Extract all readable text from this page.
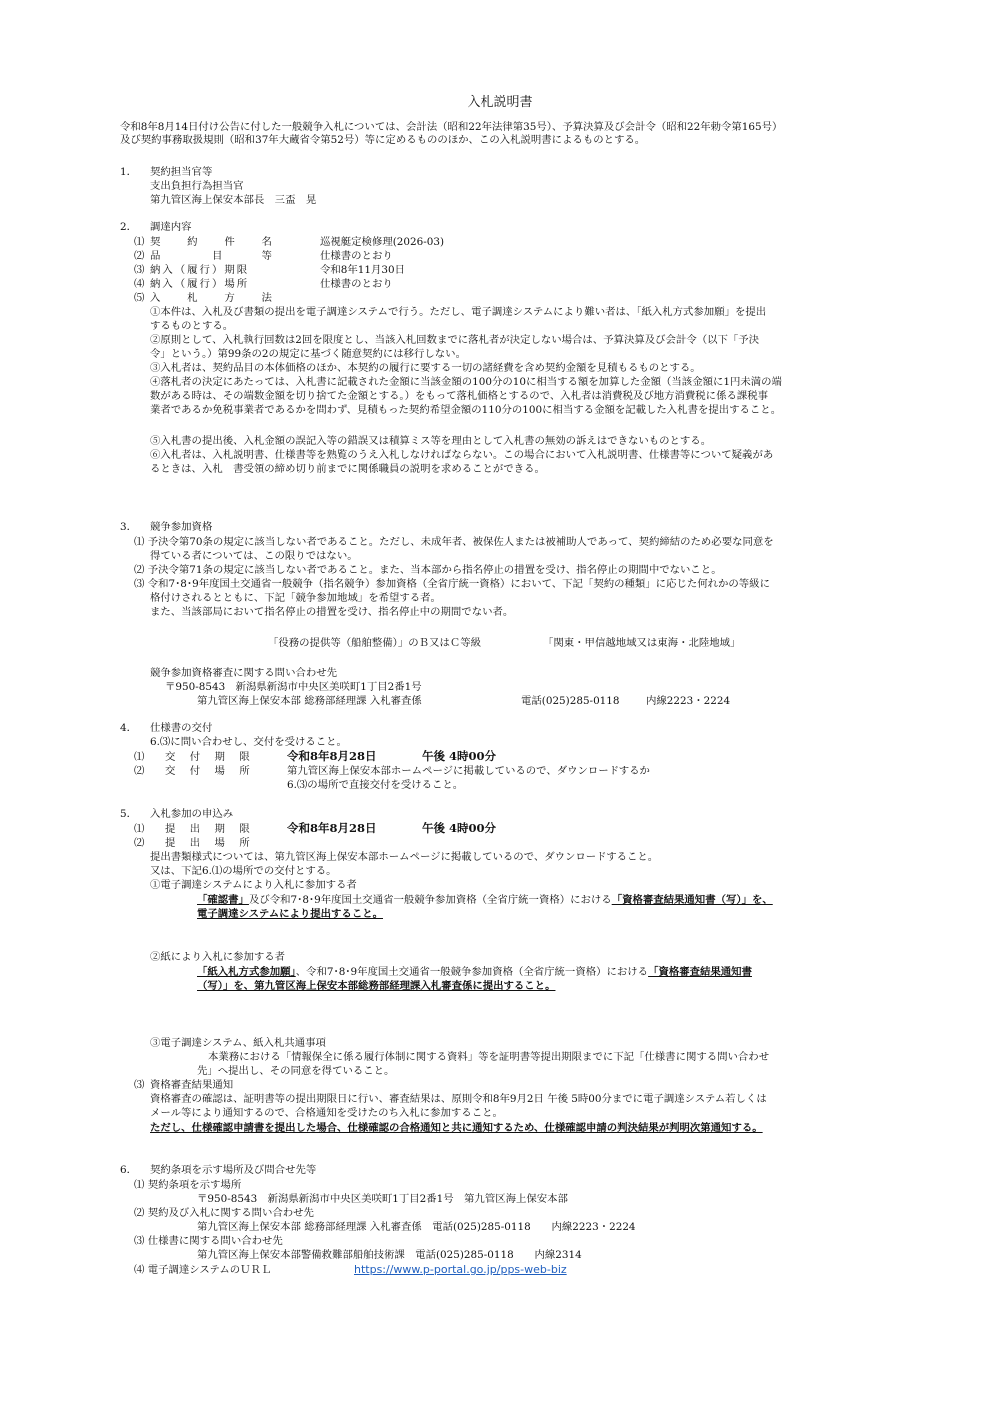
入札説明書
令和8年8月14日付け公告に付した一般競争入札については、会計法（昭和22年法律第35号）、予算決算及び会計令（昭和22年勅令第165号）
及び契約事務取扱規則（昭和37年大蔵省令第52号）等に定めるもののほか、この入札説明書によるものとする。
1． 契約担当官等
支出負担行為担当官
第九管区海上保安本部長　三盃　晃
2． 調達内容
⑴ 契　　約　　件　　名	巡視艇定検修理(2026-03)
⑵ 品　　　　目　　　等	仕様書のとおり
⑶ 納入（履行）期限	令和8年11月30日
⑷ 納入（履行）場所	仕様書のとおり
⑸ 入　　札　　方　　法
①本件は、入札及び書類の提出を電子調達システムで行う。ただし、電子調達システムにより難い者は、「紙入札方式参加願」を提出
するものとする。
②原則として、入札執行回数は2回を限度とし、当該入札回数までに落札者が決定しない場合は、予算決算及び会計令（以下「予決
令」という。）第99条の2の規定に基づく随意契約には移行しない。
③入札者は、契約品目の本体価格のほか、本契約の履行に要する一切の諸経費を含め契約金額を見積もるものとする。
④落札者の決定にあたっては、入札書に記載された金額に当該金額の100分の10に相当する額を加算した金額（当該金額に1円未満の端
数がある時は、その端数金額を切り捨てた金額とする。）をもって落札価格とするので、入札者は消費税及び地方消費税に係る課税事
業者であるか免税事業者であるかを問わず、見積もった契約希望金額の110分の100に相当する金額を記載した入札書を提出すること。
⑤入札書の提出後、入札金額の誤記入等の錯誤又は積算ミス等を理由として入札書の無効の訴えはできないものとする。
⑥入札者は、入札説明書、仕様書等を熟覧のうえ入札しなければならない。この場合において入札説明書、仕様書等について疑義があ
るときは、入札　書受領の締め切り前までに関係職員の説明を求めることができる。
3． 競争参加資格
⑴ 予決令第70条の規定に該当しない者であること。ただし、未成年者、被保佐人または被補助人であって、契約締結のため必要な同意を
得ている者については、この限りではない。
⑵ 予決令第71条の規定に該当しない者であること。また、当本部から指名停止の措置を受け、指名停止の期間中でないこと。
⑶ 令和7･8･9年度国土交通省一般競争（指名競争）参加資格（全省庁統一資格）において、下記「契約の種類」に応じた何れかの等級に
格付けされるとともに、下記「競争参加地域」を希望する者。
また、当該部局において指名停止の措置を受け、指名停止中の期間でない者。
「役務の提供等（船舶整備）」のＢ又はＣ等級	「関東・甲信越地域又は東海・北陸地域」
競争参加資格審査に関する問い合わせ先
〒950-8543　新潟県新潟市中央区美咲町1丁目2番1号
第九管区海上保安本部 総務部経理課 入札審査係	電話(025)285-0118	内線2223・2224
4． 仕様書の交付
6.⑶に問い合わせし、交付を受けること。
⑴ 交　付　期　限	令和8年8月28日	午後 4時00分
⑵ 交　付　場　所	第九管区海上保安本部ホームページに掲載しているので、ダウンロードするか
6.⑶の場所で直接交付を受けること。
5． 入札参加の申込み
⑴ 提　出　期　限	令和8年8月28日	午後 4時00分
⑵ 提　出　場　所
提出書類様式については、第九管区海上保安本部ホームページに掲載しているので、ダウンロードすること。
又は、下記6.⑴の場所での交付とする。
①電子調達システムにより入札に参加する者
「確認書」及び令和7･8･9年度国土交通省一般競争参加資格（全省庁統一資格）における「資格審査結果通知書（写）」を、
電子調達システムにより提出すること。
②紙により入札に参加する者
「紙入札方式参加願」、令和7･8･9年度国土交通省一般競争参加資格（全省庁統一資格）における「資格審査結果通知書
（写）」を、第九管区海上保安本部総務部経理課入札審査係に提出すること。
③電子調達システム、紙入札共通事項
本業務における「情報保全に係る履行体制に関する資料」等を証明書等提出期限までに下記「仕様書に関する問い合わせ
先」へ提出し、その同意を得ていること。
⑶ 資格審査結果通知
資格審査の確認は、証明書等の提出期限日に行い、審査結果は、原則令和8年9月2日 午後 5時00分までに電子調達システム若しくは
メール等により通知するので、合格通知を受けたのち入札に参加すること。
ただし、仕様確認申請書を提出した場合、仕様確認の合格通知と共に通知するため、仕様確認申請の判決結果が判明次第通知する。
6． 契約条項を示す場所及び問合せ先等
⑴ 契約条項を示す場所
〒950-8543　新潟県新潟市中央区美咲町1丁目2番1号　第九管区海上保安本部
⑵ 契約及び入札に関する問い合わせ先
第九管区海上保安本部 総務部経理課 入札審査係　電話(025)285-0118　　内線2223・2224
⑶ 仕様書に関する問い合わせ先
第九管区海上保安本部警備救難部船舶技術課　電話(025)285-0118　　内線2314
⑷ 電子調達システムのＵＲＬ	https://www.p-portal.go.jp/pps-web-biz
